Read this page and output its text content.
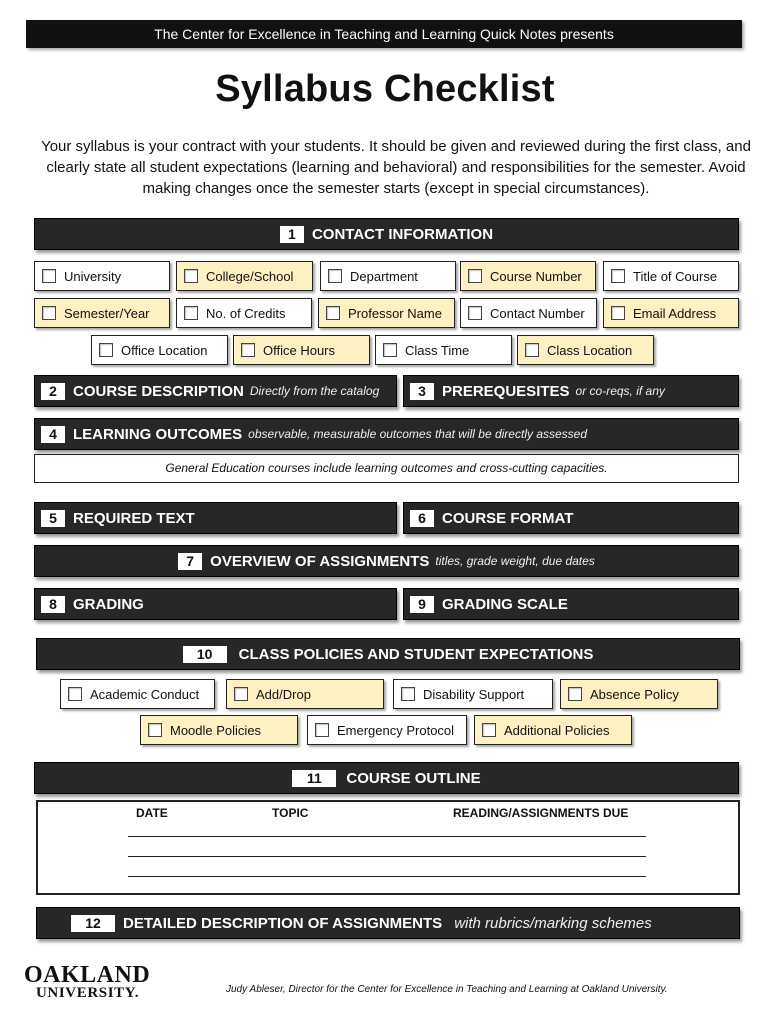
The Center for Excellence in Teaching and Learning Quick Notes presents
Syllabus Checklist
Your syllabus is your contract with your students. It should be given and reviewed during the first class, and clearly state all student expectations (learning and behavioral) and responsibilities for the semester. Avoid making changes once the semester starts (except in special circumstances).
1	CONTACT INFORMATION
University	College/School	Department	Course Number	Title of Course
Semester/Year	No. of Credits	Professor Name	Contact Number	Email Address
Office Location	Office Hours	Class Time	Class Location
2	COURSE DESCRIPTION Directly from the catalog	3	PREREQUESITES or co-reqs, if any
4	LEARNING OUTCOMES observable, measurable outcomes that will be directly assessed
General Education courses include learning outcomes and cross-cutting capacities.
5	REQUIRED TEXT	6	COURSE FORMAT
7	OVERVIEW OF ASSIGNMENTS titles, grade weight, due dates
8	GRADING	9	GRADING SCALE
10	CLASS POLICIES AND STUDENT EXPECTATIONS
Academic Conduct	Add/Drop	Disability Support	Absence Policy
Moodle Policies	Emergency Protocol	Additional Policies
11	COURSE OUTLINE
DATE	TOPIC	READING/ASSIGNMENTS DUE
12	DETAILED DESCRIPTION OF ASSIGNMENTS with rubrics/marking schemes
OAKLAND
UNIVERSITY.	Judy Ableser, Director for the Center for Excellence in Teaching and Learning at Oakland University.
